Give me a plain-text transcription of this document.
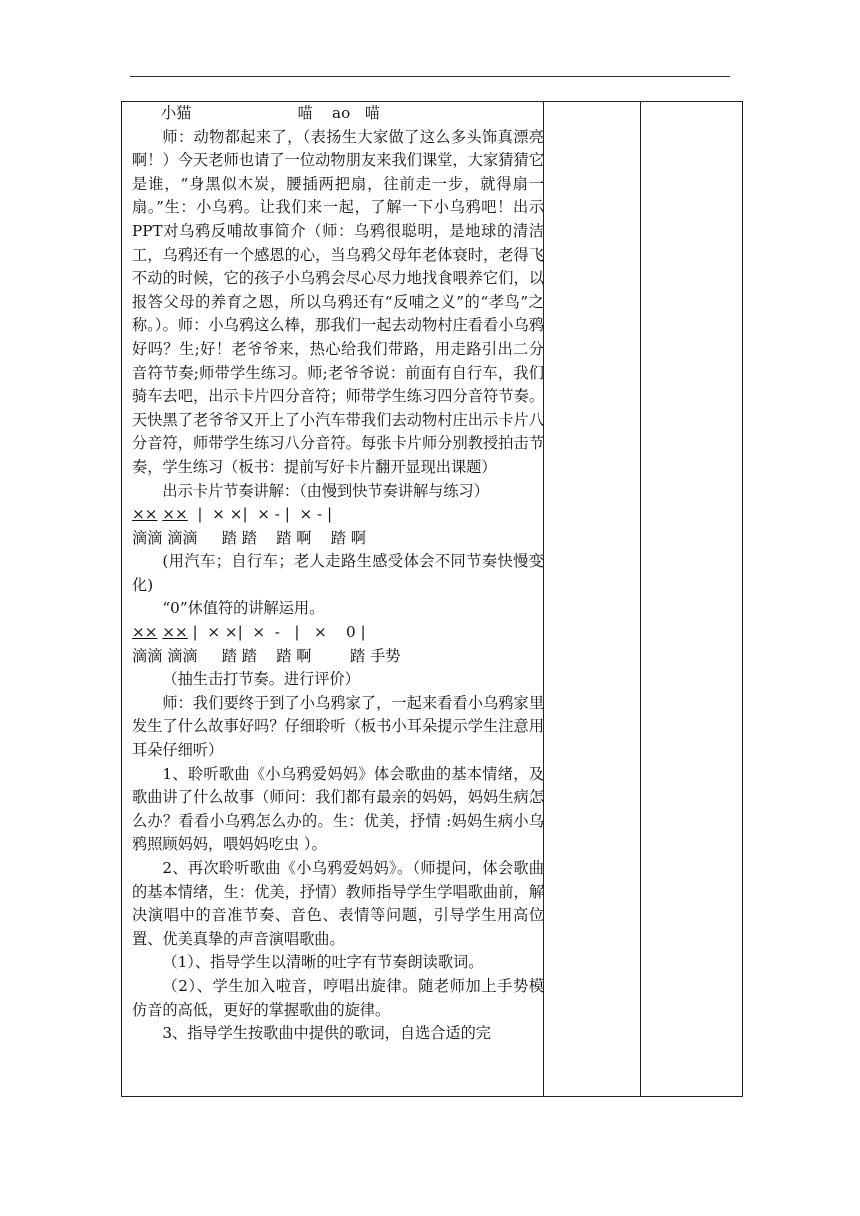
小猫                      喵    ao   喵

师：动物都起来了，（表扬生大家做了这么多头饰真漂亮啊！）今天老师也请了一位动物朋友来我们课堂，大家猜猜它是谁，“身黑似木炭，腰插两把扇，往前走一步，就得扇一扇。”生：小乌鸦。让我们来一起，了解一下小乌鸦吧！出示PPT对乌鸦反哺故事简介（师：乌鸦很聪明，是地球的清洁工，乌鸦还有一个感恩的心，当乌鸦父母年老体衰时，老得飞不动的时候，它的孩子小乌鸦会尽心尽力地找食喂养它们，以报答父母的养育之恩，所以乌鸦还有“反哺之义”的“孝鸟”之称。）。师：小乌鸦这么棒，那我们一起去动物村庄看看小乌鸦好吗？生;好！老爷爷来，热心给我们带路，用走路引出二分音符节奏;师带学生练习。师;老爷爷说：前面有自行车，我们骑车去吧，出示卡片四分音符；师带学生练习四分音符节奏。天快黑了老爷爷又开上了小汽车带我们去动物村庄出示卡片八分音符，师带学生练习八分音符。每张卡片师分别教授拍击节奏，学生练习（板书：提前写好卡片翻开显现出课题）

出示卡片节奏讲解：（由慢到快节奏讲解与练习）

×× ××  |  × ×|  × - |  × - |

滴滴 滴滴     踏 踏    踏 啊    踏 啊

(用汽车；自行车；老人走路生感受体会不同节奏快慢变化)

“0”休值符的讲解运用。

×× ×× |  × ×|  ×  -   |   ×    0 |

滴滴 滴滴     踏 踏    踏 啊        踏 手势

（抽生击打节奏。进行评价）

师：我们要终于到了小乌鸦家了，一起来看看小乌鸦家里发生了什么故事好吗？仔细聆听（板书小耳朵提示学生注意用耳朵仔细听）

1、聆听歌曲《小乌鸦爱妈妈》体会歌曲的基本情绪，及歌曲讲了什么故事（师问：我们都有最亲的妈妈，妈妈生病怎么办？看看小乌鸦怎么办的。生：优美，抒情 :妈妈生病小乌鸦照顾妈妈，喂妈妈吃虫 ）。

2、再次聆听歌曲《小乌鸦爱妈妈》。（师提问，体会歌曲的基本情绪，生：优美，抒情）教师指导学生学唱歌曲前，解决演唱中的音准节奏、音色、表情等问题，引导学生用高位置、优美真挚的声音演唱歌曲。

（1）、指导学生以清晰的吐字有节奏朗读歌词。

（2）、学生加入啦音，哼唱出旋律。随老师加上手势模仿音的高低，更好的掌握歌曲的旋律。

3、指导学生按歌曲中提供的歌词，自选合适的完
